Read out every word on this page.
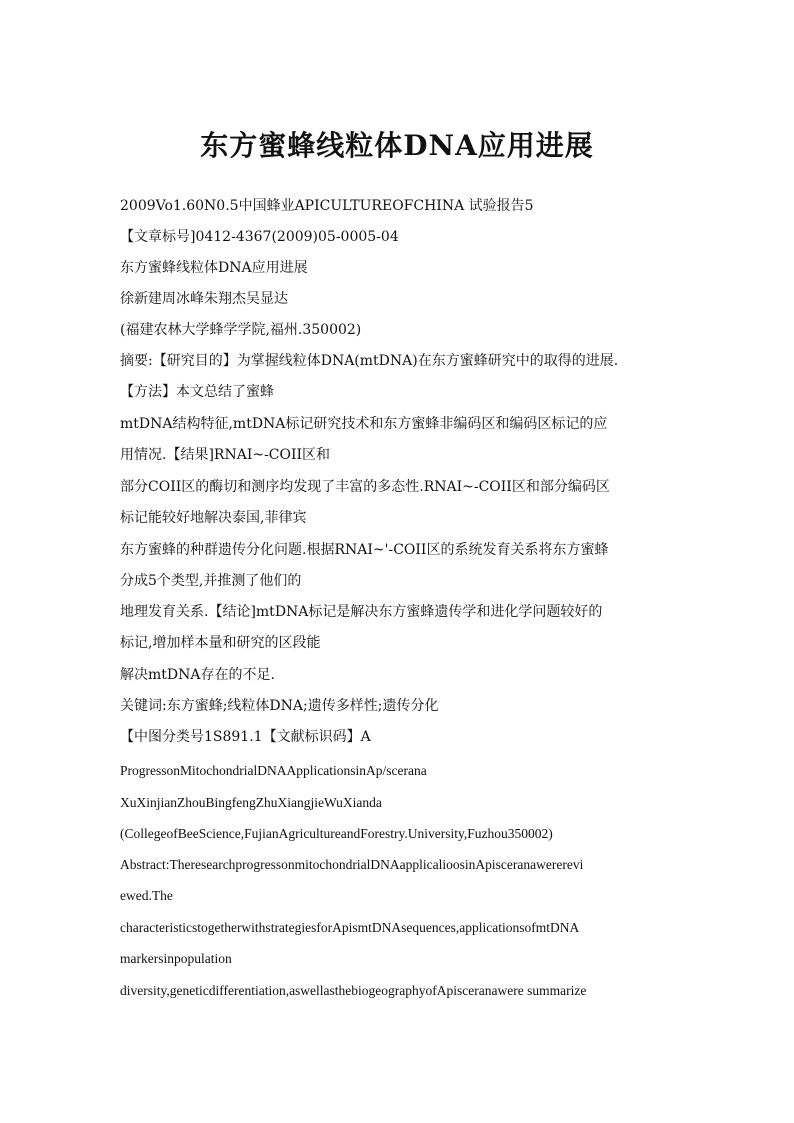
东方蜜蜂线粒体DNA应用进展
2009Vo1.60N0.5中国蜂业APICULTUREOFCHINA 试验报告5
【文章标号]0412-4367(2009)05-0005-04
东方蜜蜂线粒体DNA应用进展
徐新建周冰峰朱翔杰吴显达
(福建农林大学蜂学学院,福州.350002)
摘要:【研究目的】为掌握线粒体DNA(mtDNA)在东方蜜蜂研究中的取得的进展.
【方法】本文总结了蜜蜂
mtDNA结构特征,mtDNA标记研究技术和东方蜜蜂非编码区和编码区标记的应
用情况.【结果]RNAI~-COII区和
部分COII区的酶切和测序均发现了丰富的多态性.RNAI~-COII区和部分编码区
标记能较好地解决泰国,菲律宾
东方蜜蜂的种群遗传分化问题.根据RNAI~'-COII区的系统发育关系将东方蜜蜂
分成5个类型,并推测了他们的
地理发育关系.【结论]mtDNA标记是解决东方蜜蜂遗传学和进化学问题较好的
标记,增加样本量和研究的区段能
解决mtDNA存在的不足.
关键词:东方蜜蜂;线粒体DNA;遗传多样性;遗传分化
【中图分类号1S891.1【文献标识码】A
ProgressonMitochondrialDNAApplicationsinAp/scerana
XuXinjianZhouBingfengZhuXiangjieWuXianda
(CollegeofBeeScience,FujianAgricultureandForestry.University,Fuzhou350002)
Abstract:TheresearchprogressonmitochondrialDNAapplicalioosinApisceranawererevi
ewed.The
characteristicstogetherwithstrategiesforApismtDNAsequences,applicationsofmtDNA
markersinpopulation
diversity,geneticdifferentiation,aswellasthebiogeographyofApisceranawere summarize
